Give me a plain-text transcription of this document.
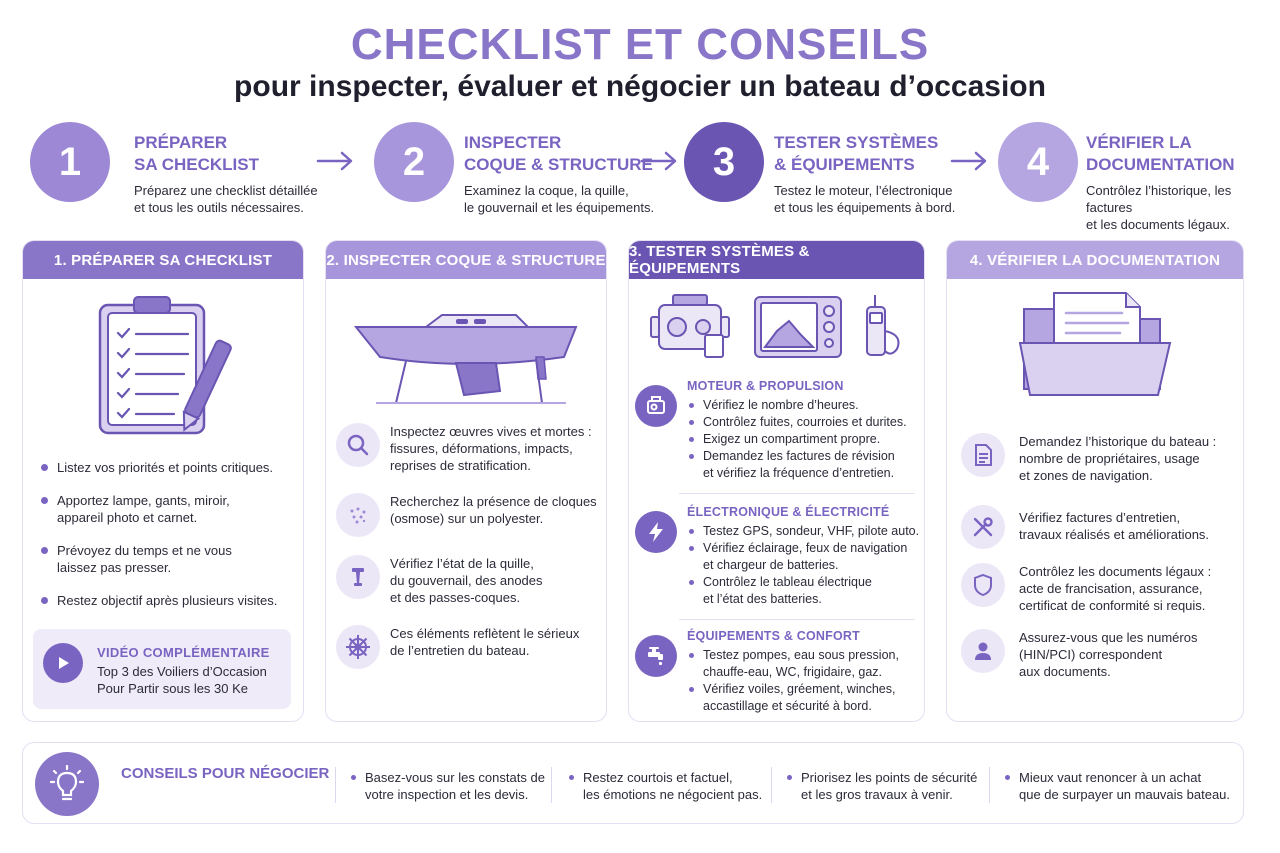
CHECKLIST ET CONSEILS
pour inspecter, évaluer et négocier un bateau d’occasion
1	PRÉPARER
SA CHECKLIST
Préparez une checklist détaillée
et tous les outils nécessaires.
2	INSPECTER
COQUE & STRUCTURE
Examinez la coque, la quille,
le gouvernail et les équipements.
3	TESTER SYSTÈMES
& ÉQUIPEMENTS
Testez le moteur, l’électronique
et tous les équipements à bord.
4	VÉRIFIER LA
DOCUMENTATION
Contrôlez l’historique, les factures
et les documents légaux.
1. PRÉPARER SA CHECKLIST
Listez vos priorités et points critiques.
Apportez lampe, gants, miroir,
appareil photo et carnet.
Prévoyez du temps et ne vous
laissez pas presser.
Restez objectif après plusieurs visites.
VIDÉO COMPLÉMENTAIRE
Top 3 des Voiliers d’Occasion
Pour Partir sous les 30 Ke
2. INSPECTER COQUE & STRUCTURE
Inspectez œuvres vives et mortes :
fissures, déformations, impacts,
reprises de stratification.
Recherchez la présence de cloques
(osmose) sur un polyester.
Vérifiez l’état de la quille,
du gouvernail, des anodes
et des passes-coques.
Ces éléments reflètent le sérieux
de l’entretien du bateau.
3. TESTER SYSTÈMES & ÉQUIPEMENTS
MOTEUR & PROPULSION
Vérifiez le nombre d’heures.
Contrôlez fuites, courroies et durites.
Exigez un compartiment propre.
Demandez les factures de révision
et vérifiez la fréquence d’entretien.
ÉLECTRONIQUE & ÉLECTRICITÉ
Testez GPS, sondeur, VHF, pilote auto.
Vérifiez éclairage, feux de navigation
et chargeur de batteries.
Contrôlez le tableau électrique
et l’état des batteries.
ÉQUIPEMENTS & CONFORT
Testez pompes, eau sous pression,
chauffe-eau, WC, frigidaire, gaz.
Vérifiez voiles, gréement, winches,
accastillage et sécurité à bord.
4. VÉRIFIER LA DOCUMENTATION
Demandez l’historique du bateau :
nombre de propriétaires, usage
et zones de navigation.
Vérifiez factures d’entretien,
travaux réalisés et améliorations.
Contrôlez les documents légaux :
acte de francisation, assurance,
certificat de conformité si requis.
Assurez-vous que les numéros
(HIN/PCI) correspondent
aux documents.
CONSEILS POUR NÉGOCIER	Basez-vous sur les constats de
votre inspection et les devis.
Restez courtois et factuel,
les émotions ne négocient pas.
Priorisez les points de sécurité
et les gros travaux à venir.
Mieux vaut renoncer à un achat
que de surpayer un mauvais bateau.
